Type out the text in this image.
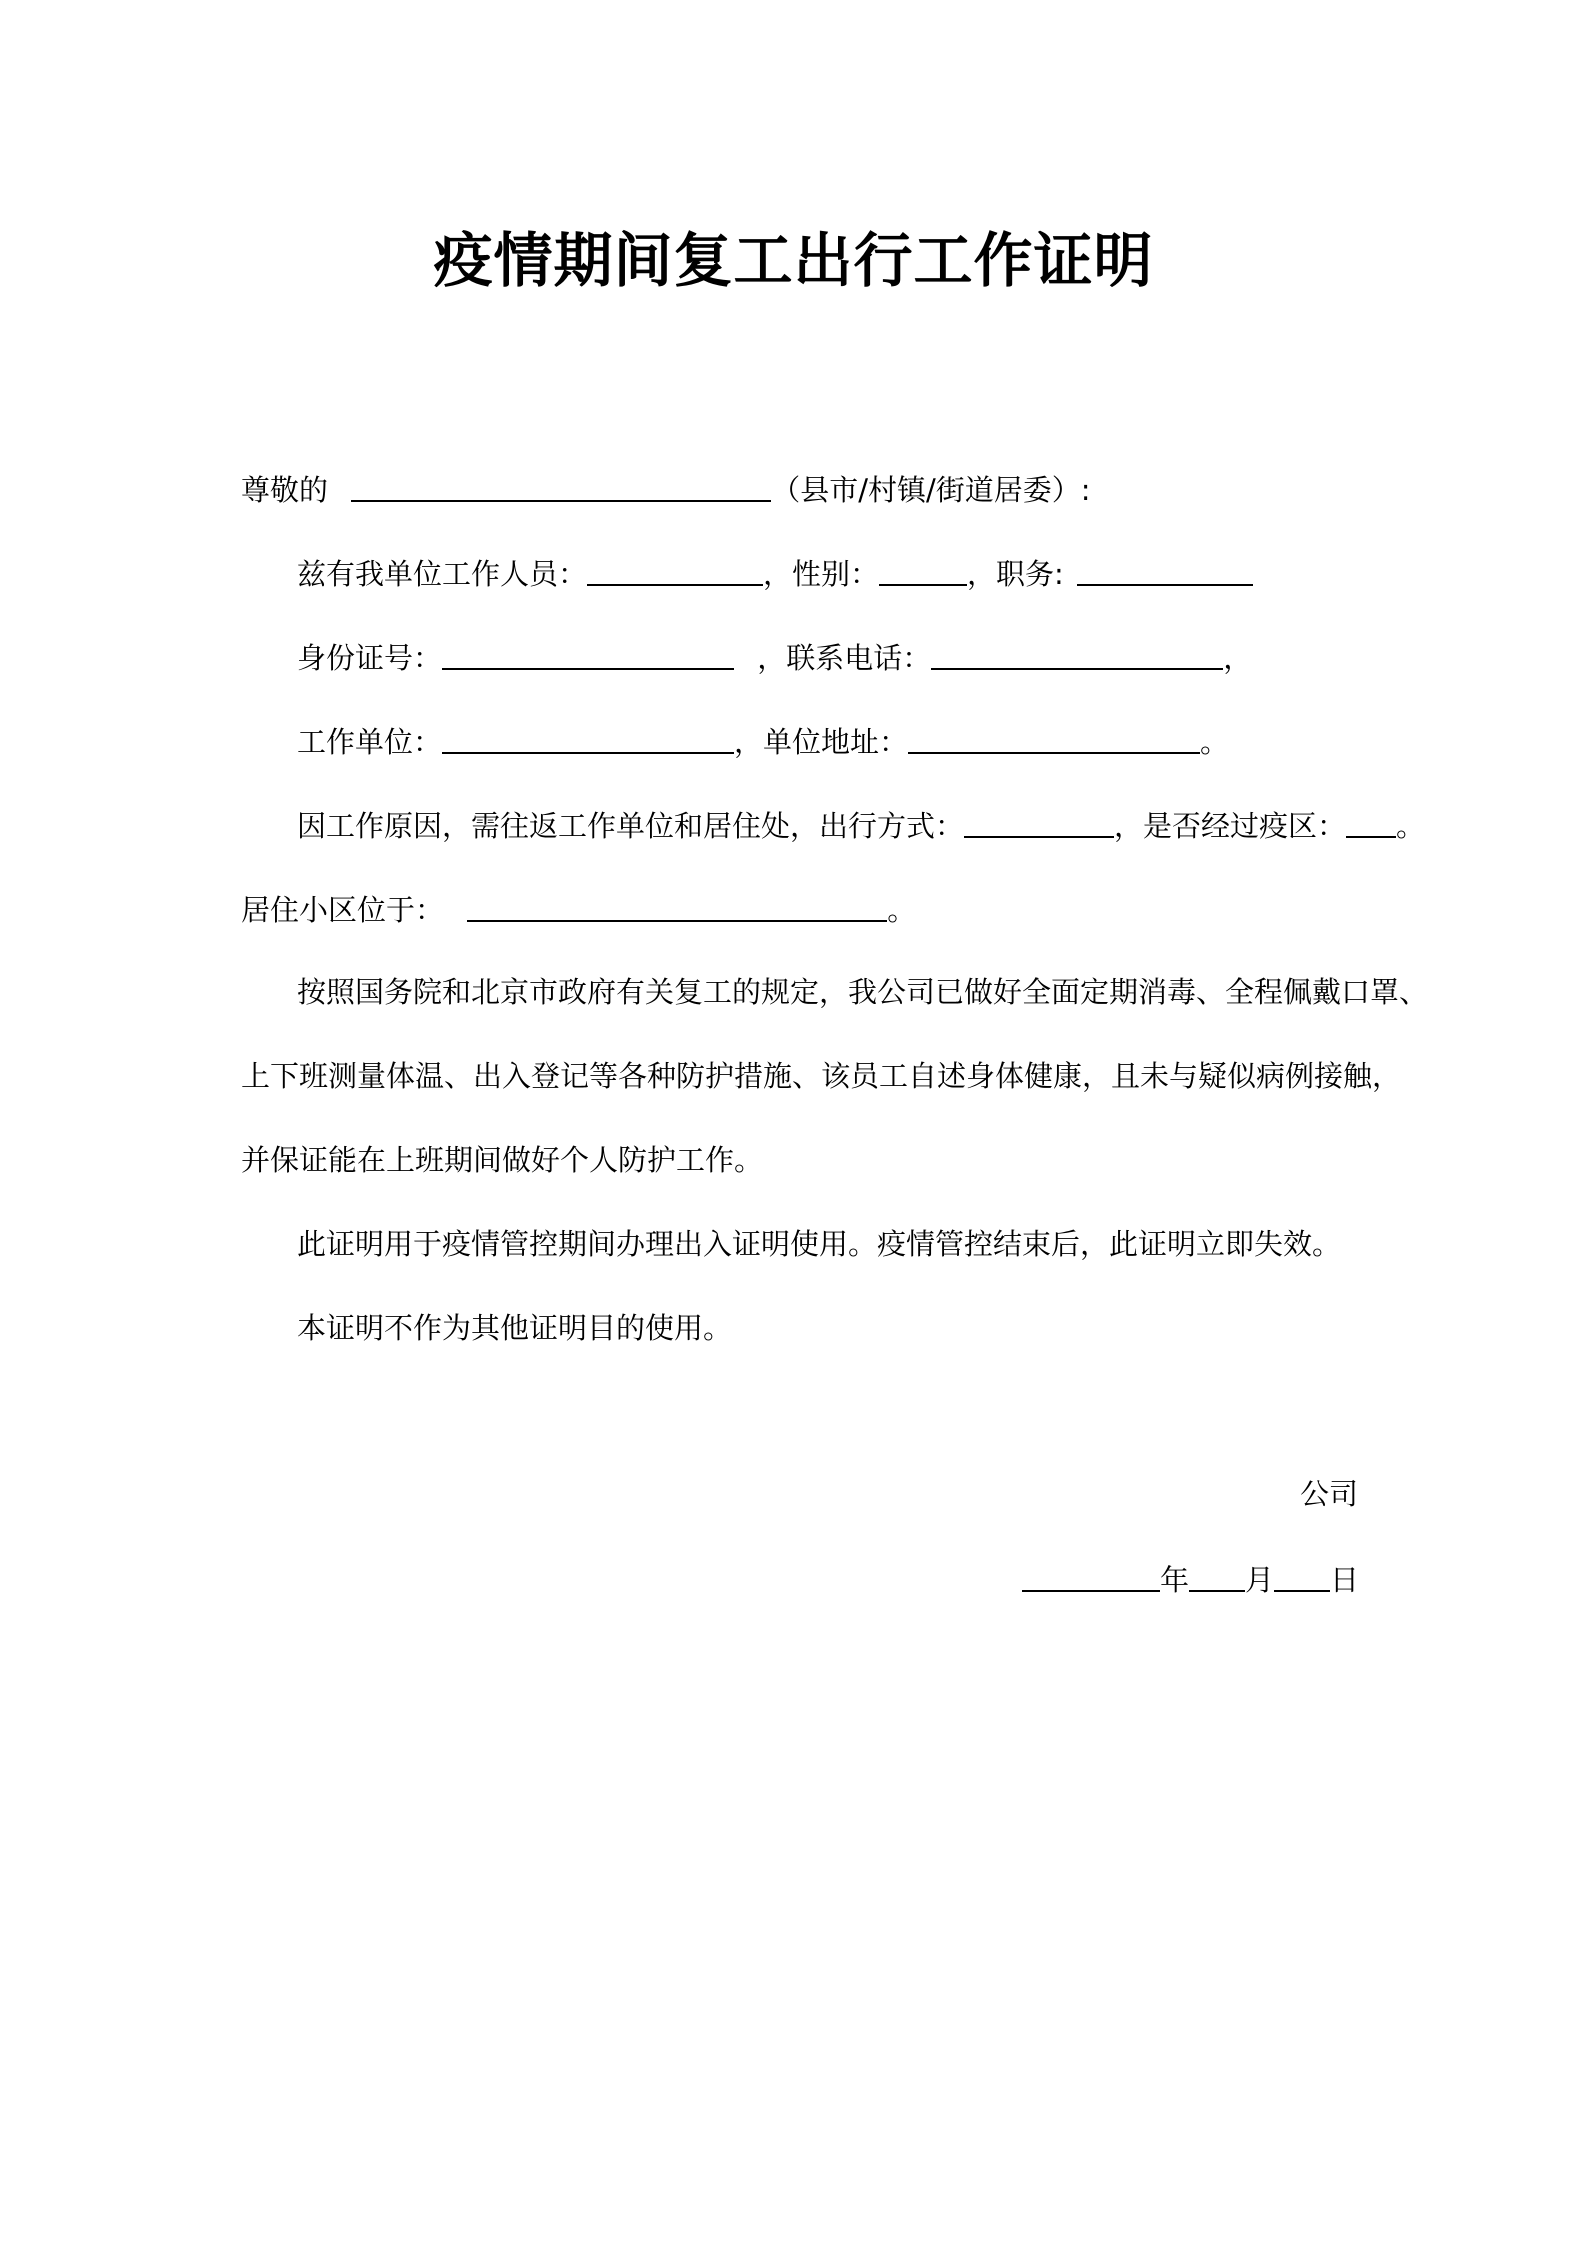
疫情期间复工出行工作证明
尊敬的	（县市/村镇/街道居委）:
兹有我单位工作人员：	，性别：	，职务:
身份证号：	，联系电话：	，
工作单位：	，单位地址：	。
因工作原因，需往返工作单位和居住处，出行方式：	，是否经过疫区： 。
居住小区位于：	。
按照国务院和北京市政府有关复工的规定，我公司已做好全面定期消毒、全程佩戴口罩、
上下班测量体温、出入登记等各种防护措施、该员工自述身体健康，且未与疑似病例接触，
并保证能在上班期间做好个人防护工作。
此证明用于疫情管控期间办理出入证明使用。疫情管控结束后，此证明立即失效。
本证明不作为其他证明目的使用。
公司
年 月 日
